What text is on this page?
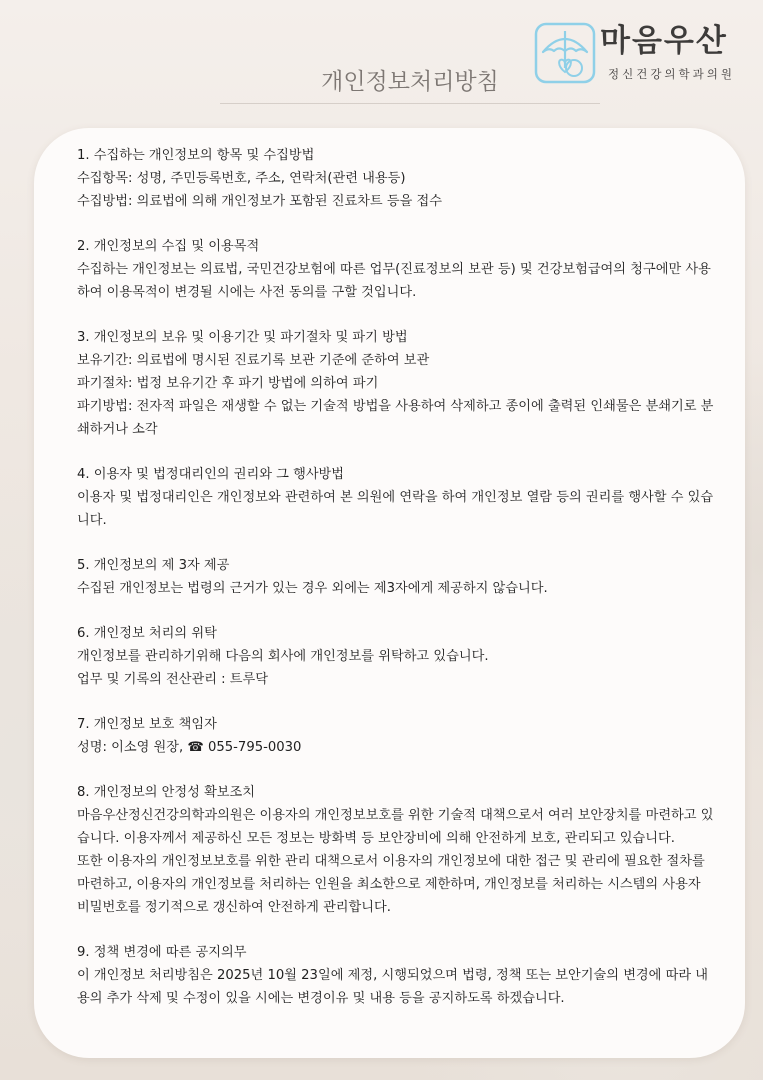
마음우산
정신건강의학과의원
개인정보처리방침

1. 수집하는 개인정보의 항목 및 수집방법

수집항목: 성명, 주민등록번호, 주소, 연락처(관련 내용등)

수집방법: 의료법에 의해 개인정보가 포함된 진료차트 등을 접수

2. 개인정보의 수집 및 이용목적

수집하는 개인정보는 의료법, 국민건강보험에 따른 업무(진료정보의 보관 등) 및 건강보험급여의 청구에만 사용하여 이용목적이 변경될 시에는 사전 동의를 구할 것입니다.

3. 개인정보의 보유 및 이용기간 및 파기절차 및 파기 방법

보유기간: 의료법에 명시된 진료기록 보관 기준에 준하여 보관

파기절차: 법정 보유기간 후 파기 방법에 의하여 파기

파기방법: 전자적 파일은 재생할 수 없는 기술적 방법을 사용하여 삭제하고 종이에 출력된 인쇄물은 분쇄기로 분쇄하거나 소각

4. 이용자 및 법정대리인의 권리와 그 행사방법

이용자 및 법정대리인은 개인정보와 관련하여 본 의원에 연락을 하여 개인정보 열람 등의 권리를 행사할 수 있습니다.

5. 개인정보의 제 3자 제공

수집된 개인정보는 법령의 근거가 있는 경우 외에는 제3자에게 제공하지 않습니다.

6. 개인정보 처리의 위탁

개인정보를 관리하기위해 다음의 회사에 개인정보를 위탁하고 있습니다.

업무 및 기록의 전산관리 : 트루닥

7. 개인정보 보호 책임자

성명: 이소영 원장, ☎ 055-795-0030

8. 개인정보의 안정성 확보조치

마음우산정신건강의학과의원은 이용자의 개인정보보호를 위한 기술적 대책으로서 여러 보안장치를 마련하고 있습니다. 이용자께서 제공하신 모든 정보는 방화벽 등 보안장비에 의해 안전하게 보호, 관리되고 있습니다.

또한 이용자의 개인정보보호를 위한 관리 대책으로서 이용자의 개인정보에 대한 접근 및 관리에 필요한 절차를 마련하고, 이용자의 개인정보를 처리하는 인원을 최소한으로 제한하며, 개인정보를 처리하는 시스템의 사용자 비밀번호를 정기적으로 갱신하여 안전하게 관리합니다.

9. 정책 변경에 따른 공지의무

이 개인정보 처리방침은 2025년 10월 23일에 제정, 시행되었으며 법령, 정책 또는 보안기술의 변경에 따라 내용의 추가 삭제 및 수정이 있을 시에는 변경이유 및 내용 등을 공지하도록 하겠습니다.
